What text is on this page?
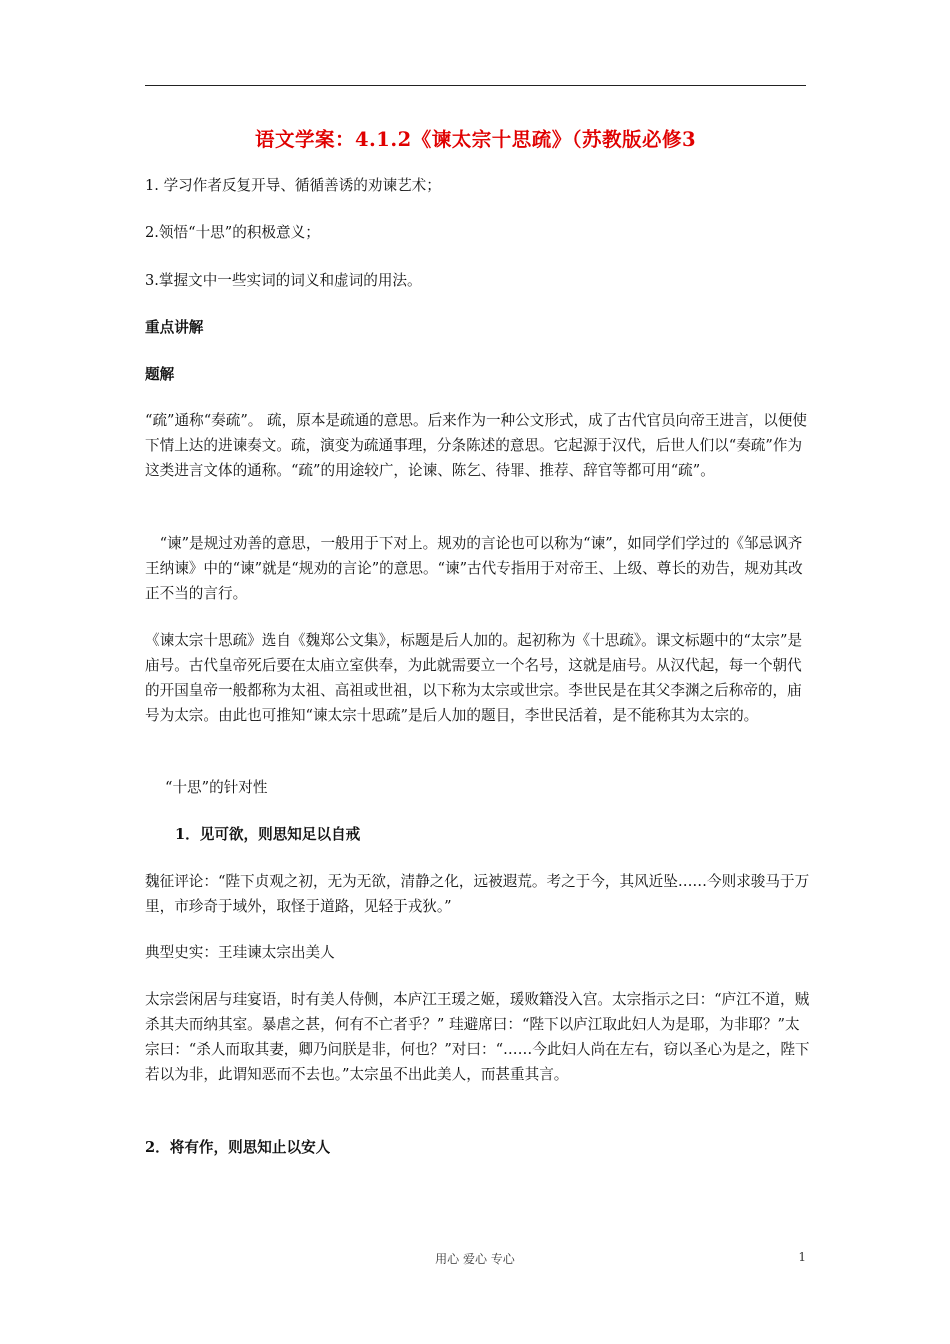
语文学案：4.1.2《谏太宗十思疏》（苏教版必修3

1. 学习作者反复开导、循循善诱的劝谏艺术；

2.领悟“十思”的积极意义；

3.掌握文中一些实词的词义和虚词的用法。

重点讲解

题解

“疏”通称“奏疏”。 疏，原本是疏通的意思。后来作为一种公文形式，成了古代官员向帝王进言，以便使下情上达的进谏奏文。疏，演变为疏通事理，分条陈述的意思。它起源于汉代，后世人们以“奏疏”作为这类进言文体的通称。“疏”的用途较广，论谏、陈乞、待罪、推荐、辞官等都可用“疏”。

“谏”是规过劝善的意思，一般用于下对上。规劝的言论也可以称为“谏”，如同学们学过的《邹忌讽齐王纳谏》中的“谏”就是“规劝的言论”的意思。“谏”古代专指用于对帝王、上级、尊长的劝告，规劝其改正不当的言行。

《谏太宗十思疏》选自《魏郑公文集》，标题是后人加的。起初称为《十思疏》。课文标题中的“太宗”是庙号。古代皇帝死后要在太庙立室供奉，为此就需要立一个名号，这就是庙号。从汉代起，每一个朝代的开国皇帝一般都称为太祖、高祖或世祖，以下称为太宗或世宗。李世民是在其父李渊之后称帝的，庙号为太宗。由此也可推知“谏太宗十思疏”是后人加的题目，李世民活着，是不能称其为太宗的。

“十思”的针对性

1．见可欲，则思知足以自戒

魏征评论：“陛下贞观之初，无为无欲，清静之化，远被遐荒。考之于今，其风近坠……今则求骏马于万里，市珍奇于域外，取怪于道路，见轻于戎狄。”

典型史实：王珪谏太宗出美人

太宗尝闲居与珪宴语，时有美人侍侧，本庐江王瑗之姬，瑗败籍没入宫。太宗指示之曰：“庐江不道，贼杀其夫而纳其室。暴虐之甚，何有不亡者乎？” 珪避席曰：“陛下以庐江取此妇人为是耶，为非耶？”太宗曰：“杀人而取其妻，卿乃问朕是非，何也？”对曰：“……今此妇人尚在左右，窃以圣心为是之，陛下若以为非，此谓知恶而不去也。”太宗虽不出此美人，而甚重其言。

2．将有作，则思知止以安人

用心 爱心 专心	1
